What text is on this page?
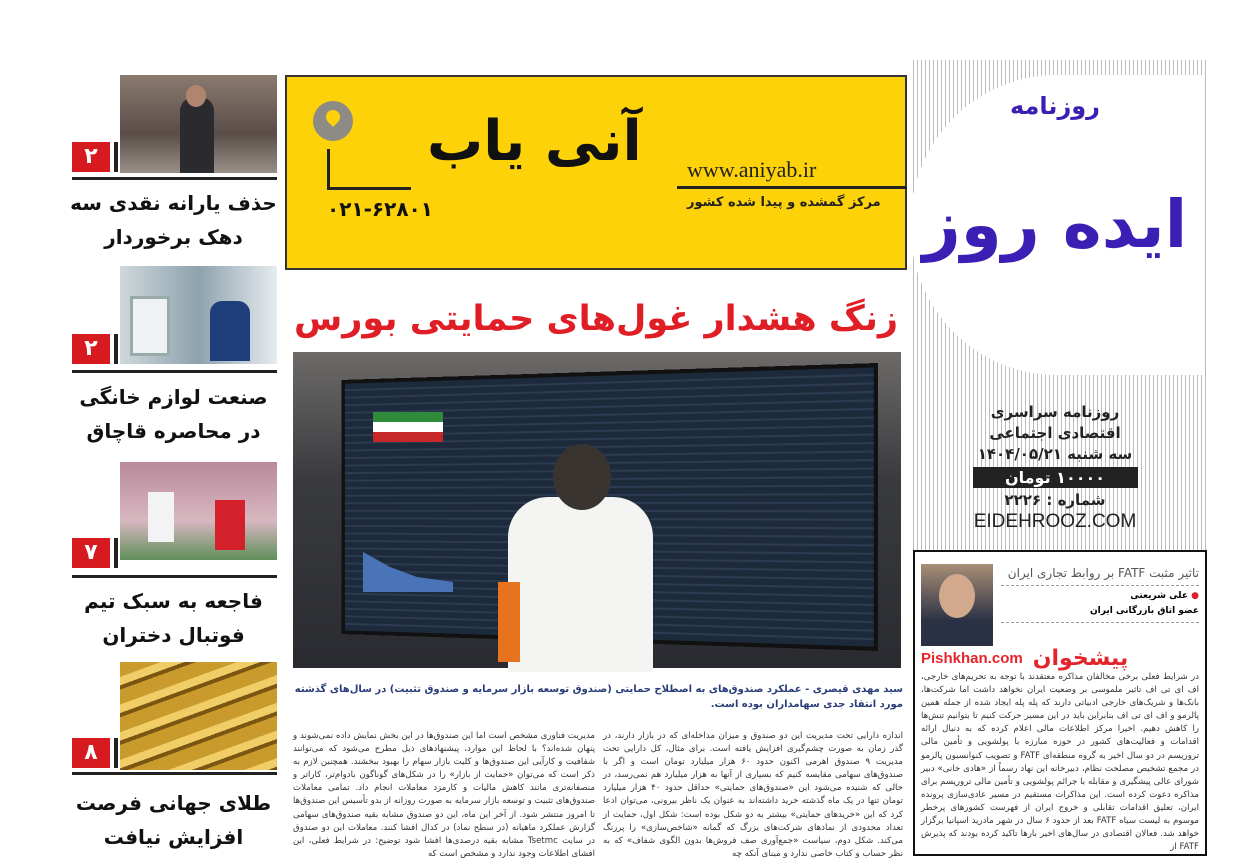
۲
حذف یارانه نقدی سه دهک برخوردار
۲
صنعت لوازم خانگی در محاصره قاچاق
۷
فاجعه به سبک تیم فوتبال دختران
۸
طلای جهانی فرصت افزایش نیافت
۰۲۱-۶۲۸۰۱
آنی یاب www.aniyab.ir
مرکز گمشده و پیدا شده کشور
زنگ هشدار غول‌های حمایتی بورس
سید مهدی قیصری - عملکرد صندوق‌های به اصطلاح حمایتی (صندوق توسعه بازار سرمایه و صندوق تثبیت) در سال‌های گذشته مورد انتقاد جدی سهامداران بوده است.
اندازه دارایی تحت مدیریت این دو صندوق و میزان مداخله‌ای که در بازار دارند، در گذر زمان به صورت چشم‌گیری افزایش یافته است. برای مثال، کل دارایی تحت مدیریت ۹ صندوق اهرمی اکنون حدود ۶۰ هزار میلیارد تومان است و اگر با صندوق‌های سهامی مقایسه کنیم که بسیاری از آنها به هزار میلیارد هم نمی‌رسد، در حالی که شنیده می‌شود این «صندوق‌های حمایتی» حداقل حدود ۴۰ هزار میلیارد تومان تنها در یک ماه گذشته خرید داشته‌اند به عنوان یک ناظر بیرونی، می‌توان ادعا کرد که این «خریدهای حمایتی» بیشتر به دو شکل بوده است: شکل اول، حمایت از تعداد محدودی از نمادهای شرکت‌های بزرگ که گمانه «شاخص‌سازی» را پررنگ می‌کند. شکل دوم، سیاست «جمع‌آوری صف فروش‌ها بدون الگوی شفاف» که به نظر حساب و کتاب خاصی ندارد و مبنای آنکه چه
مدیریت فناوری مشخص است اما این صندوق‌ها در این بخش نمایش داده نمی‌شوند و پنهان شده‌اند؟ با لحاظ این موارد، پیشنهادهای ذیل مطرح می‌شود که می‌توانند شفافیت و کارآیی این صندوق‌ها و کلیت بازار سهام را بهبود ببخشند. همچنین لازم به ذکر است که می‌توان «حمایت از بازار» را در شکل‌های گوناگون بادوام‌تر، کاراتر و منصفانه‌تری مانند کاهش مالیات و کارمزد معاملات انجام داد. تمامی معاملات صندوق‌های تثبیت و توسعه بازار سرمایه به صورت روزانه از بدو تأسیس این صندوق‌ها تا امروز منتشر شود. از آخر این ماه، این دو صندوق مشابه بقیه صندوق‌های سهامی گزارش عملکرد ماهیانه (در سطح نماد) در کدال افشا کنند. معاملات این دو صندوق در سایت Tsetmc مشابه بقیه درصدی‌ها افشا شود توضیح: در شرایط فعلی، این افشای اطلاعات وجود ندارد و مشخص است که
روزنامه
ایده روز
روزنامه سراسری
اقتصادی اجتماعی
سه شنبه ۱۴۰۴/۰۵/۲۱
۱۰۰۰۰ تومان
شماره : ۲۲۲۶
EIDEHROOZ.COM
تاثیر مثبت FATF بر روابط تجاری ایران
● علی شریعتی
عضو اتاق بازرگانی ایران
Pishkhan.com پیشخوان
در شرایط فعلی برخی مخالفان مذاکره معتقدند با توجه به تحریم‌های خارجی، اف ای تی اف تاثیر ملموسی بر وضعیت ایران نخواهد داشت اما شرکت‌ها، بانک‌ها و شریک‌های خارجی ادبیاتی دارند که پله پله ایجاد شده از جمله همین پالرمو و اف ای تی اف بنابراین باید در این مسیر حرکت کنیم تا بتوانیم تنش‌ها را کاهش دهیم. اخیرا مرکز اطلاعات مالی اعلام کرده که به دنبال ارائه اقدامات و فعالیت‌های کشور در حوزه مبارزه با پولشویی و تأمین مالی تروریسم در دو سال اخیر به گروه منطقه‌ای FATF و تصویب کنوانسیون پالرمو در مجمع تشخیص مصلحت نظام، دبیرخانه این نهاد رسماً از «هادی خانی» دبیر شورای عالی پیشگیری و مقابله با جرائم پولشویی و تأمین مالی تروریسم برای مذاکره دعوت کرده است. این مذاکرات مستقیم در مسیر عادی‌سازی پرونده ایران، تعلیق اقدامات تقابلی و خروج ایران از فهرست کشورهای پرخطر موسوم به لیست سیاه FATF بعد از حدود ۶ سال در شهر مادرید اسپانیا برگزار خواهد شد. فعالان اقتصادی در سال‌های اخیر بارها تاکید کرده بودند که پذیرش FATF از
